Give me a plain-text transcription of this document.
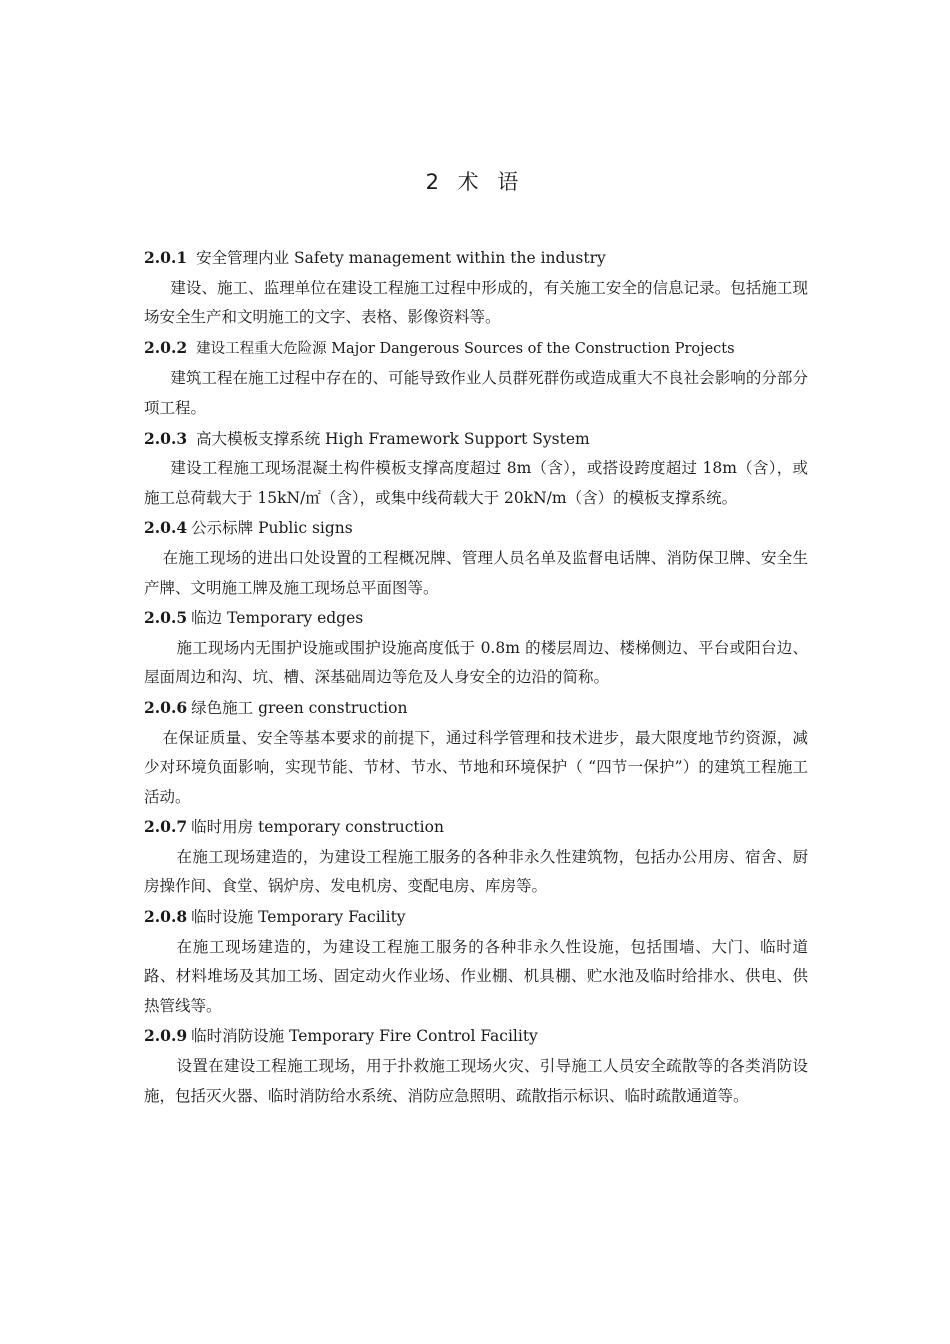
2 术 语

2.0.1 安全管理内业 Safety management within the industry

建设、施工、监理单位在建设工程施工过程中形成的，有关施工安全的信息记录。包括施工现场安全生产和文明施工的文字、表格、影像资料等。

2.0.2 建设工程重大危险源 Major Dangerous Sources of the Construction Projects

建筑工程在施工过程中存在的、可能导致作业人员群死群伤或造成重大不良社会影响的分部分项工程。

2.0.3 高大模板支撑系统 High Framework Support System

建设工程施工现场混凝土构件模板支撑高度超过 8m（含），或搭设跨度超过 18m（含），或施工总荷载大于 15kN/㎡（含），或集中线荷载大于 20kN/m（含）的模板支撑系统。

2.0.4 公示标牌 Public signs

在施工现场的进出口处设置的工程概况牌、管理人员名单及监督电话牌、消防保卫牌、安全生产牌、文明施工牌及施工现场总平面图等。

2.0.5 临边 Temporary edges

施工现场内无围护设施或围护设施高度低于 0.8m 的楼层周边、楼梯侧边、平台或阳台边、屋面周边和沟、坑、槽、深基础周边等危及人身安全的边沿的简称。

2.0.6 绿色施工 green construction

在保证质量、安全等基本要求的前提下，通过科学管理和技术进步，最大限度地节约资源，减少对环境负面影响，实现节能、节材、节水、节地和环境保护（ “四节一保护”）的建筑工程施工活动。

2.0.7 临时用房 temporary construction

在施工现场建造的，为建设工程施工服务的各种非永久性建筑物，包括办公用房、宿舍、厨房操作间、食堂、锅炉房、发电机房、变配电房、库房等。

2.0.8 临时设施 Temporary Facility

在施工现场建造的，为建设工程施工服务的各种非永久性设施，包括围墙、大门、临时道路、材料堆场及其加工场、固定动火作业场、作业棚、机具棚、贮水池及临时给排水、供电、供热管线等。

2.0.9 临时消防设施 Temporary Fire Control Facility

设置在建设工程施工现场，用于扑救施工现场火灾、引导施工人员安全疏散等的各类消防设施，包括灭火器、临时消防给水系统、消防应急照明、疏散指示标识、临时疏散通道等。
